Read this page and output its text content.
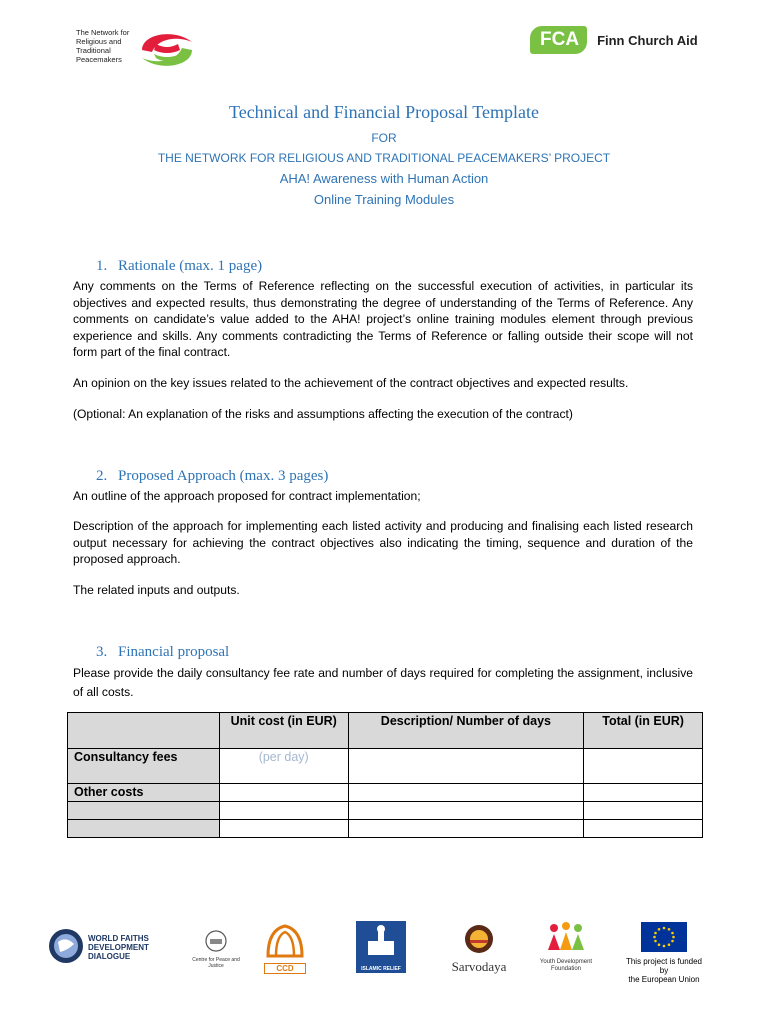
The Network for
Religious and
Traditional
Peacemakers
FCA	Finn Church Aid
Technical and Financial Proposal Template
FOR
THE NETWORK FOR RELIGIOUS AND TRADITIONAL PEACEMAKERS’ PROJECT
AHA! Awareness with Human Action
Online Training Modules
1. Rationale (max. 1 page)
Any comments on the Terms of Reference reflecting on the successful execution of activities, in particular its objectives and expected results, thus demonstrating the degree of understanding of the Terms of Reference. Any comments on candidate’s value added to the AHA! project’s online training modules element through previous experience and skills. Any comments contradicting the Terms of Reference or falling outside their scope will not form part of the final contract.
An opinion on the key issues related to the achievement of the contract objectives and expected results.
(Optional: An explanation of the risks and assumptions affecting the execution of the contract)
2. Proposed Approach (max. 3 pages)
An outline of the approach proposed for contract implementation;
Description of the approach for implementing each listed activity and producing and finalising each listed research output necessary for achieving the contract objectives also indicating the timing, sequence and duration of the proposed approach.
The related inputs and outputs.
3. Financial proposal
Please provide the daily consultancy fee rate and number of days required for completing the assignment, inclusive of all costs.
	Unit cost (in EUR)	Description/ Number of days	Total (in EUR)
Consultancy fees	(per day)		
Other costs			

WORLD FAITHS
DEVELOPMENT
DIALOGUE	Centre for Peace and Justice	CCD	ISLAMIC RELIEF	Sarvodaya	Youth Development
Foundation
This project is funded by
the European Union
